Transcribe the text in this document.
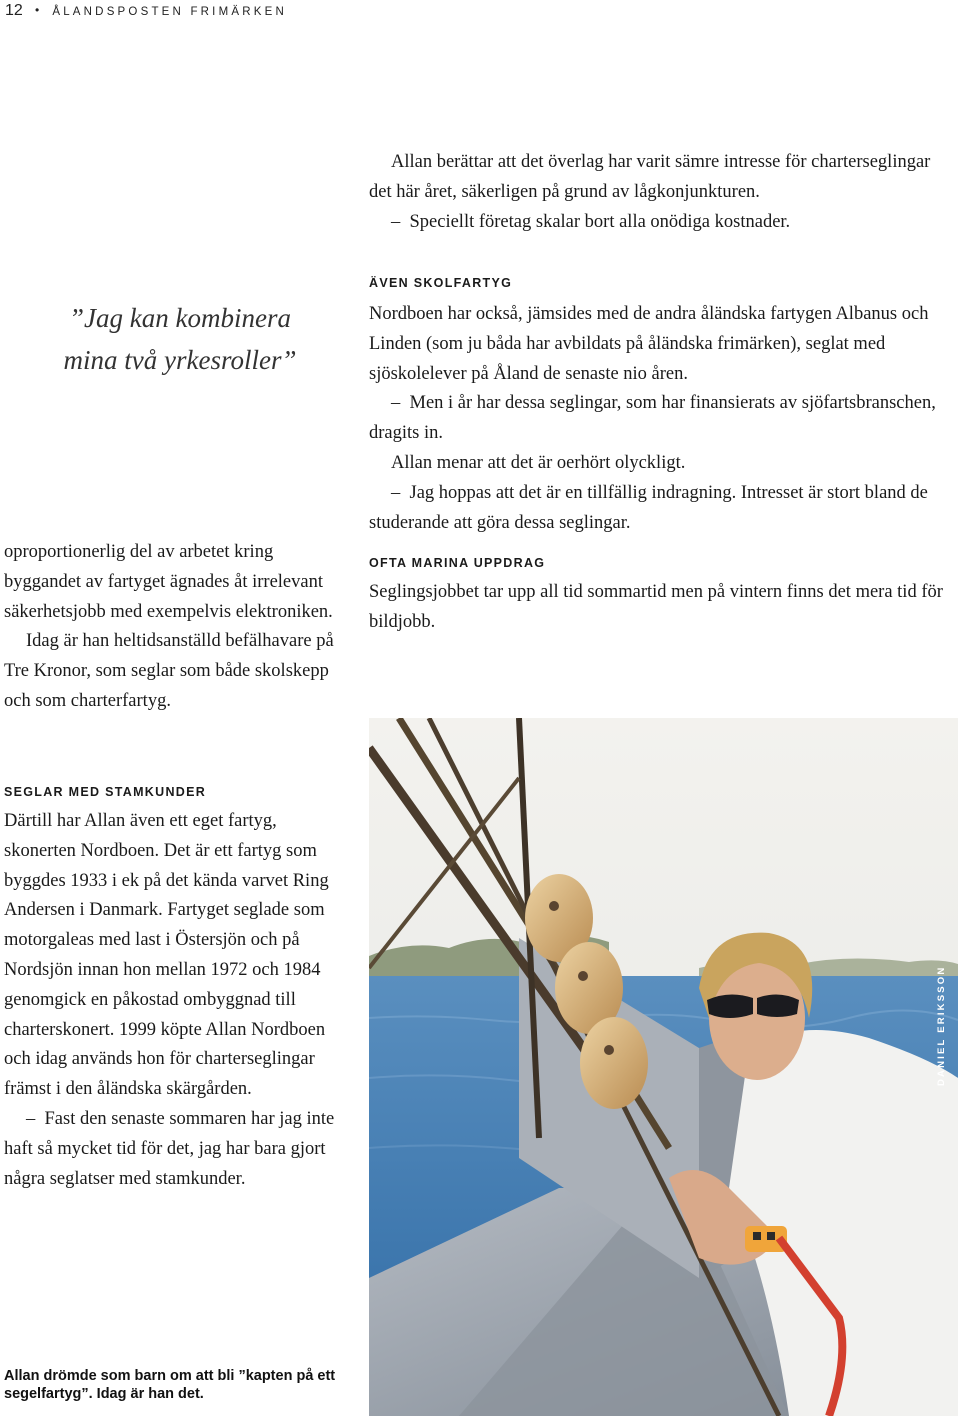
12 • ÅLANDSPOSTEN FRIMÄRKEN
”Jag kan kombinera
mina två yrkesroller”

oproportionerlig del av arbetet kring byggandet av fartyget ägnades åt irrelevant säkerhetsjobb med exempelvis elektroniken.

Idag är han heltidsanställd befälhavare på Tre Kronor, som seglar som både skolskepp och som charterfartyg.

SEGLAR MED STAMKUNDER

Därtill har Allan även ett eget fartyg, skonerten Nordboen. Det är ett fartyg som byggdes 1933 i ek på det kända varvet Ring Andersen i Danmark. Fartyget seglade som motorgaleas med last i Östersjön och på Nordsjön innan hon mellan 1972 och 1984 genomgick en påkostad ombyggnad till charterskonert. 1999 köpte Allan Nordboen och idag används hon för charterseglingar främst i den åländska skärgården.

–  Fast den senaste sommaren har jag inte haft så mycket tid för det, jag har bara gjort några seglatser med stamkunder.

Allan berättar att det överlag har varit sämre intresse för charterseglingar det här året, säkerligen på grund av lågkonjunkturen.

–  Speciellt företag skalar bort alla onödiga kostnader.

ÄVEN SKOLFARTYG

Nordboen har också, jämsides med de andra åländska fartygen Albanus och Linden (som ju båda har avbildats på åländska frimärken), seglat med sjöskolelever på Åland de senaste nio åren.

–  Men i år har dessa seglingar, som har finansierats av sjöfartsbranschen, dragits in.

Allan menar att det är oerhört olyckligt.

–  Jag hoppas att det är en tillfällig indragning. Intresset är stort bland de studerande att göra dessa seglingar.

OFTA MARINA UPPDRAG

Seglingsjobbet tar upp all tid sommartid men på vintern finns det mera tid för bildjobb.

DANIEL ERIKSSON
Allan drömde som barn om att bli ”kapten på ett segelfartyg”. Idag är han det.
